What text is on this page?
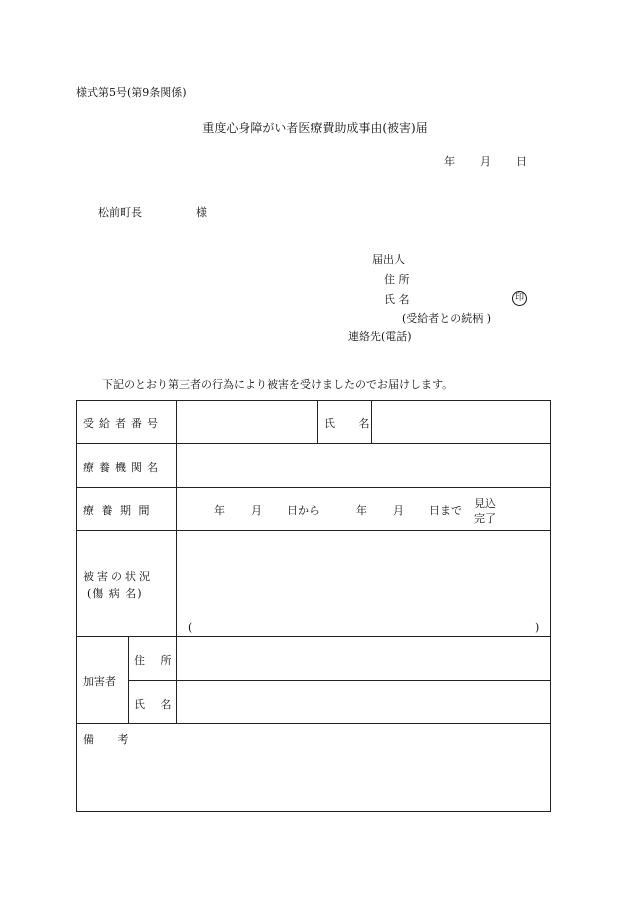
様式第5号(第9条関係)
重度心身障がい者医療費助成事由(被害)届
年 月 日
松前町長	様
届出人
住 所
氏 名	印
(受給者との続柄 )
連絡先(電話)
下記のとおり第三者の行為により被害を受けましたのでお届けします。
受給者番号	氏 名
療養機関名
療 養 期 間	年 月 日から	年 月 日まで
見込
完了
被害の状況
(傷 病 名)
(	)
加害者
住 所
氏 名
備 考
